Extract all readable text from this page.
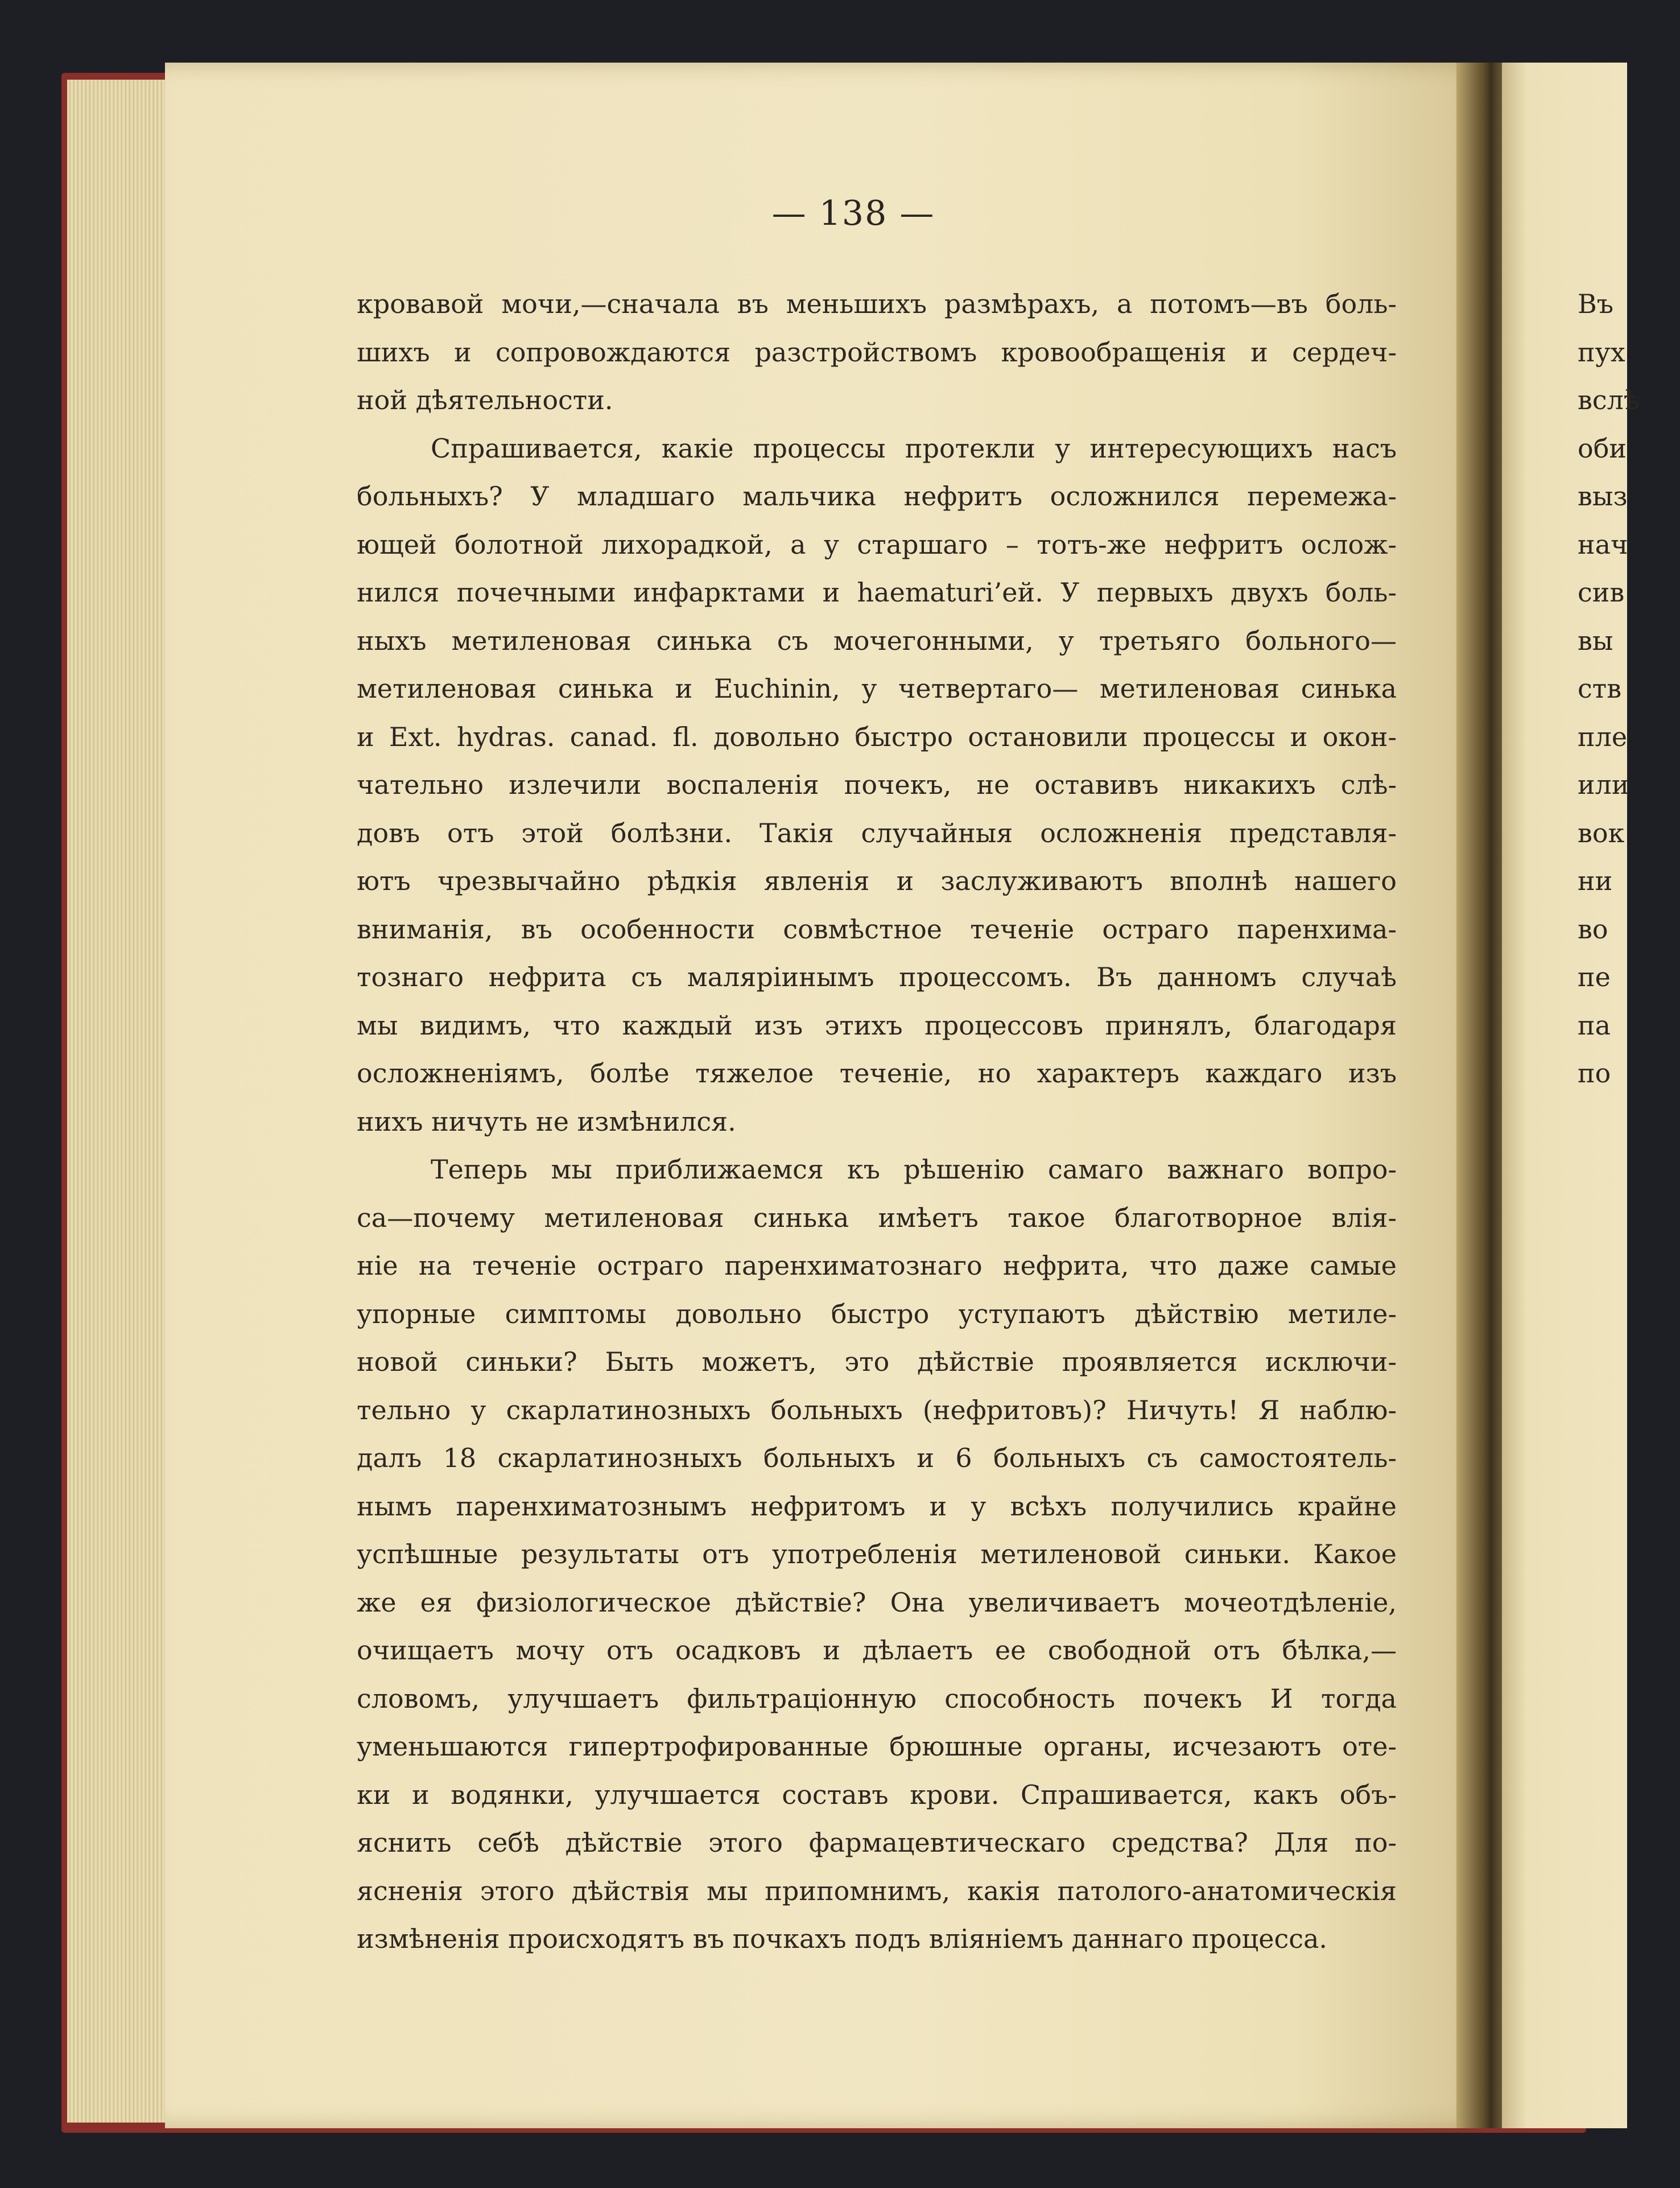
— 138 —
кровавой мочи,—сначала въ меньшихъ размѣрахъ, а потомъ—въ боль-
шихъ и сопровождаются разстройствомъ кровообращенія и сердеч-
ной дѣятельности.
Спрашивается, какіе процессы протекли у интересующихъ насъ
больныхъ? У младшаго мальчика нефритъ осложнился перемежа-
ющей болотной лихорадкой, а у старшаго – тотъ-же нефритъ ослож-
нился почечными инфарктами и haematuri’ей. У первыхъ двухъ боль-
ныхъ метиленовая синька съ мочегонными, у третьяго больного—
метиленовая синька и Euchinin, у четвертаго— метиленовая синька
и Ext. hydras. canad. fl. довольно быстро остановили процессы и окон-
чательно излечили воспаленія почекъ, не оставивъ никакихъ слѣ-
довъ отъ этой болѣзни. Такія случайныя осложненія представля-
ютъ чрезвычайно рѣдкія явленія и заслуживаютъ вполнѣ нашего
вниманія, въ особенности совмѣстное теченіе остраго паренхима-
тознаго нефрита съ маляріинымъ процессомъ. Въ данномъ случаѣ
мы видимъ, что каждый изъ этихъ процессовъ принялъ, благодаря
осложненіямъ, болѣе тяжелое теченіе, но характеръ каждаго изъ
нихъ ничуть не измѣнился.
Теперь мы приближаемся къ рѣшенію самаго важнаго вопро-
са—почему метиленовая синька имѣетъ такое благотворное влія-
ніе на теченіе остраго паренхиматознаго нефрита, что даже самые
упорные симптомы довольно быстро уступаютъ дѣйствію метиле-
новой синьки? Быть можетъ, это дѣйствіе проявляется исключи-
тельно у скарлатинозныхъ больныхъ (нефритовъ)? Ничуть! Я наблю-
далъ 18 скарлатинозныхъ больныхъ и 6 больныхъ съ самостоятель-
нымъ паренхиматознымъ нефритомъ и у всѣхъ получились крайне
успѣшные результаты отъ употребленія метиленовой синьки. Какое
же ея физіологическое дѣйствіе? Она увеличиваетъ мочеотдѣленіе,
очищаетъ мочу отъ осадковъ и дѣлаетъ ее свободной отъ бѣлка,—
словомъ, улучшаетъ фильтраціонную способность почекъ И тогда
уменьшаются гипертрофированные брюшные органы, исчезаютъ оте-
ки и водянки, улучшается составъ крови. Спрашивается, какъ объ-
яснить себѣ дѣйствіе этого фармацевтическаго средства? Для по-
ясненія этого дѣйствія мы припомнимъ, какія патолого-анатомическія
измѣненія происходятъ въ почкахъ подъ вліяніемъ даннаго процесса.
Въ
пух
вслѣ
оби
выз
нач
сив
вы
ств
пле
или
вок
ни
во
пе
па
по
